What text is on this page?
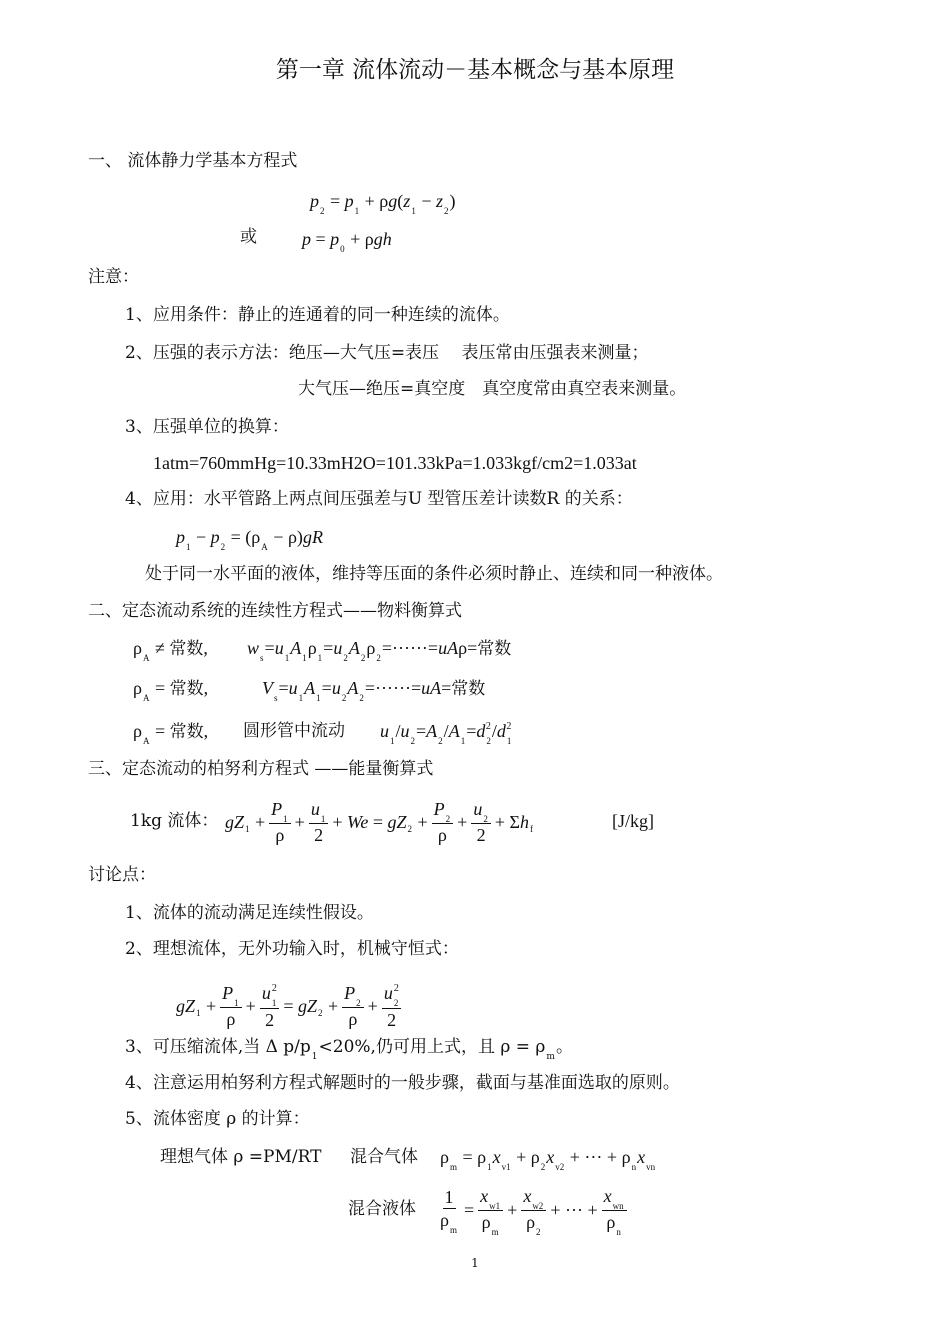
第一章 流体流动－基本概念与基本原理
一、 流体静力学基本方程式
$p_2 = p_1 + \rho g(z_1 - z_2)$
或	$p = p_0 + \rho gh$
注意：
1、应用条件：静止的连通着的同一种连续的流体。
2、压强的表示方法：绝压—大气压=表压　 表压常由压强表来测量；
大气压—绝压=真空度　真空度常由真空表来测量。
3、压强单位的换算：
1atm=760mmHg=10.33mH2O=101.33kPa=1.033kgf/cm2=1.033at
4、应用：水平管路上两点间压强差与U 型管压差计读数R 的关系：
$p_1 - p_2 = (\rho_A - \rho)gR$
处于同一水平面的液体，维持等压面的条件必须时静止、连续和同一种液体。
二、定态流动系统的连续性方程式——物料衡算式
$\rho_A$ ≠ 常数, $w_s=u_1A_1\rho_1=u_2A_2\rho_2=\cdot\cdot\cdot\cdot\cdot\cdot=uA\rho=$常数
$\rho_A$ = 常数,	$V_s=u_1A_1=u_2A_2=\cdot\cdot\cdot\cdot\cdot\cdot=uA=$常数
$\rho_A$ = 常数, 圆形管中流动 $u_1/u_2=A_2/A_1=d_2^2/d_1^2$
三、定态流动的柏努利方程式 ——能量衡算式
1kg 流体： gZ 1 +
$P_1$
ρ
+
$u_1$
2
+ We = gZ 2 +
$P_2$
ρ
+
$u_2$
2
+ Σ h f	[J/kg]
讨论点：
1、流体的流动满足连续性假设。
2、理想流体，无外功输入时，机械守恒式：
gZ 1 +
$P_1$
ρ
+
$u^2_1$
2
= gZ 2 +
$P_2$
ρ
+
$u^2_2$
2
3、可压缩流体,当 Δ $p/p_1<20\%$,仍可用上式，且 $\rho = \rho_m$。
4、注意运用柏努利方程式解题时的一般步骤，截面与基准面选取的原则。
5、流体密度 ρ 的计算：
理想气体 ρ =PM/RT 混合气体 $\rho_m = \rho_1x_{v1} + \rho_2x_{v2}$ + ··· + $\rho_nx_{vn}$
混合液体
1
$\rho_m$
=
$x_{w1}$
$\rho_m$
+
$x_{w2}$
$\rho_2$
+ ··· +
$x_{wn}$
$\rho_n$
1
